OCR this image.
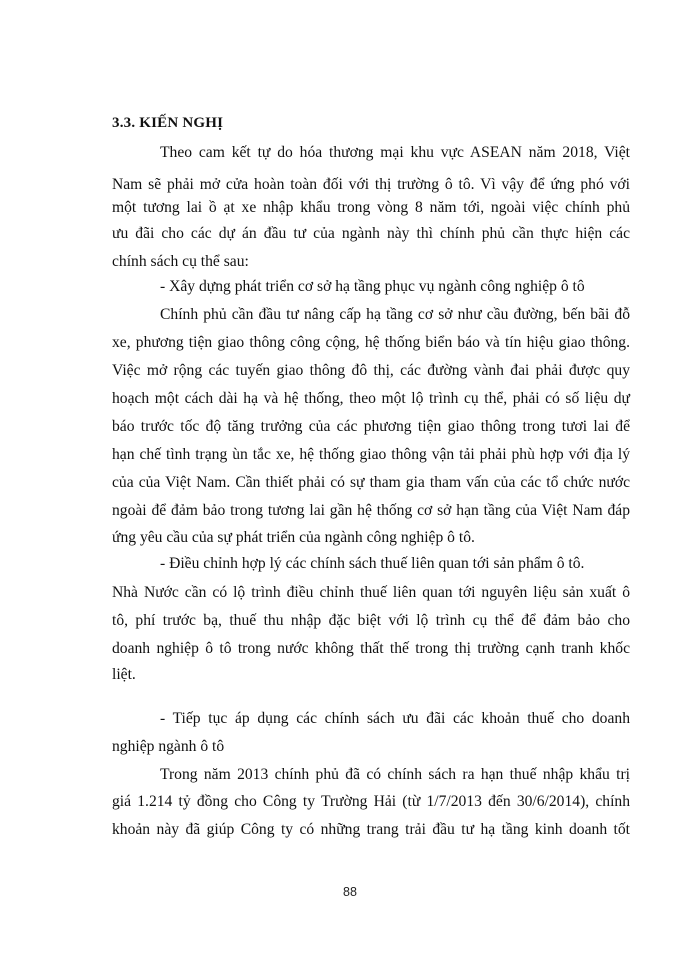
3.3. KIẾN NGHỊ
Theo cam kết tự do hóa thương mại khu vực ASEAN năm 2018, Việt
Nam sẽ phải mở cửa hoàn toàn đối với thị trường ô tô. Vì vậy để ứng phó với
một tương lai ồ ạt xe nhập khẩu trong vòng 8 năm tới, ngoài việc chính phủ
ưu đãi cho các dự án đầu tư của ngành này thì chính phủ cần thực hiện các
chính sách cụ thể sau:
- Xây dựng phát triển cơ sở hạ tầng phục vụ ngành công nghiệp ô tô
Chính phủ cần đầu tư nâng cấp hạ tầng cơ sở như cầu đường, bến bãi đỗ
xe, phương tiện giao thông công cộng, hệ thống biển báo và tín hiệu giao thông.
Việc mở rộng các tuyến giao thông đô thị, các đường vành đai phải được quy
hoạch một cách dài hạ và hệ thống, theo một lộ trình cụ thể, phải có số liệu dự
báo trước tốc độ tăng trưởng của các phương tiện giao thông trong tươi lai để
hạn chế tình trạng ùn tắc xe, hệ thống giao thông vận tải phải phù hợp với địa lý
của của Việt Nam. Cần thiết phải có sự tham gia tham vấn của các tổ chức nước
ngoài để đảm bảo trong tương lai gần hệ thống cơ sở hạn tầng của Việt Nam đáp
ứng yêu cầu của sự phát triển của ngành công nghiệp ô tô.
- Điều chỉnh hợp lý các chính sách thuế liên quan tới sản phẩm ô tô.
Nhà Nước cần có lộ trình điều chỉnh thuế liên quan tới nguyên liệu sản xuất ô
tô, phí trước bạ, thuế thu nhập đặc biệt với lộ trình cụ thể để đảm bảo cho
doanh nghiệp ô tô trong nước không thất thế trong thị trường cạnh tranh khốc
liệt.
- Tiếp tục áp dụng các chính sách ưu đãi các khoản thuế cho doanh
nghiệp ngành ô tô
Trong năm 2013 chính phủ đã có chính sách ra hạn thuế nhập khẩu trị
giá 1.214 tỷ đồng cho Công ty Trường Hải (từ 1/7/2013 đến 30/6/2014), chính
khoản này đã giúp Công ty có những trang trải đầu tư hạ tầng kinh doanh tốt
88
